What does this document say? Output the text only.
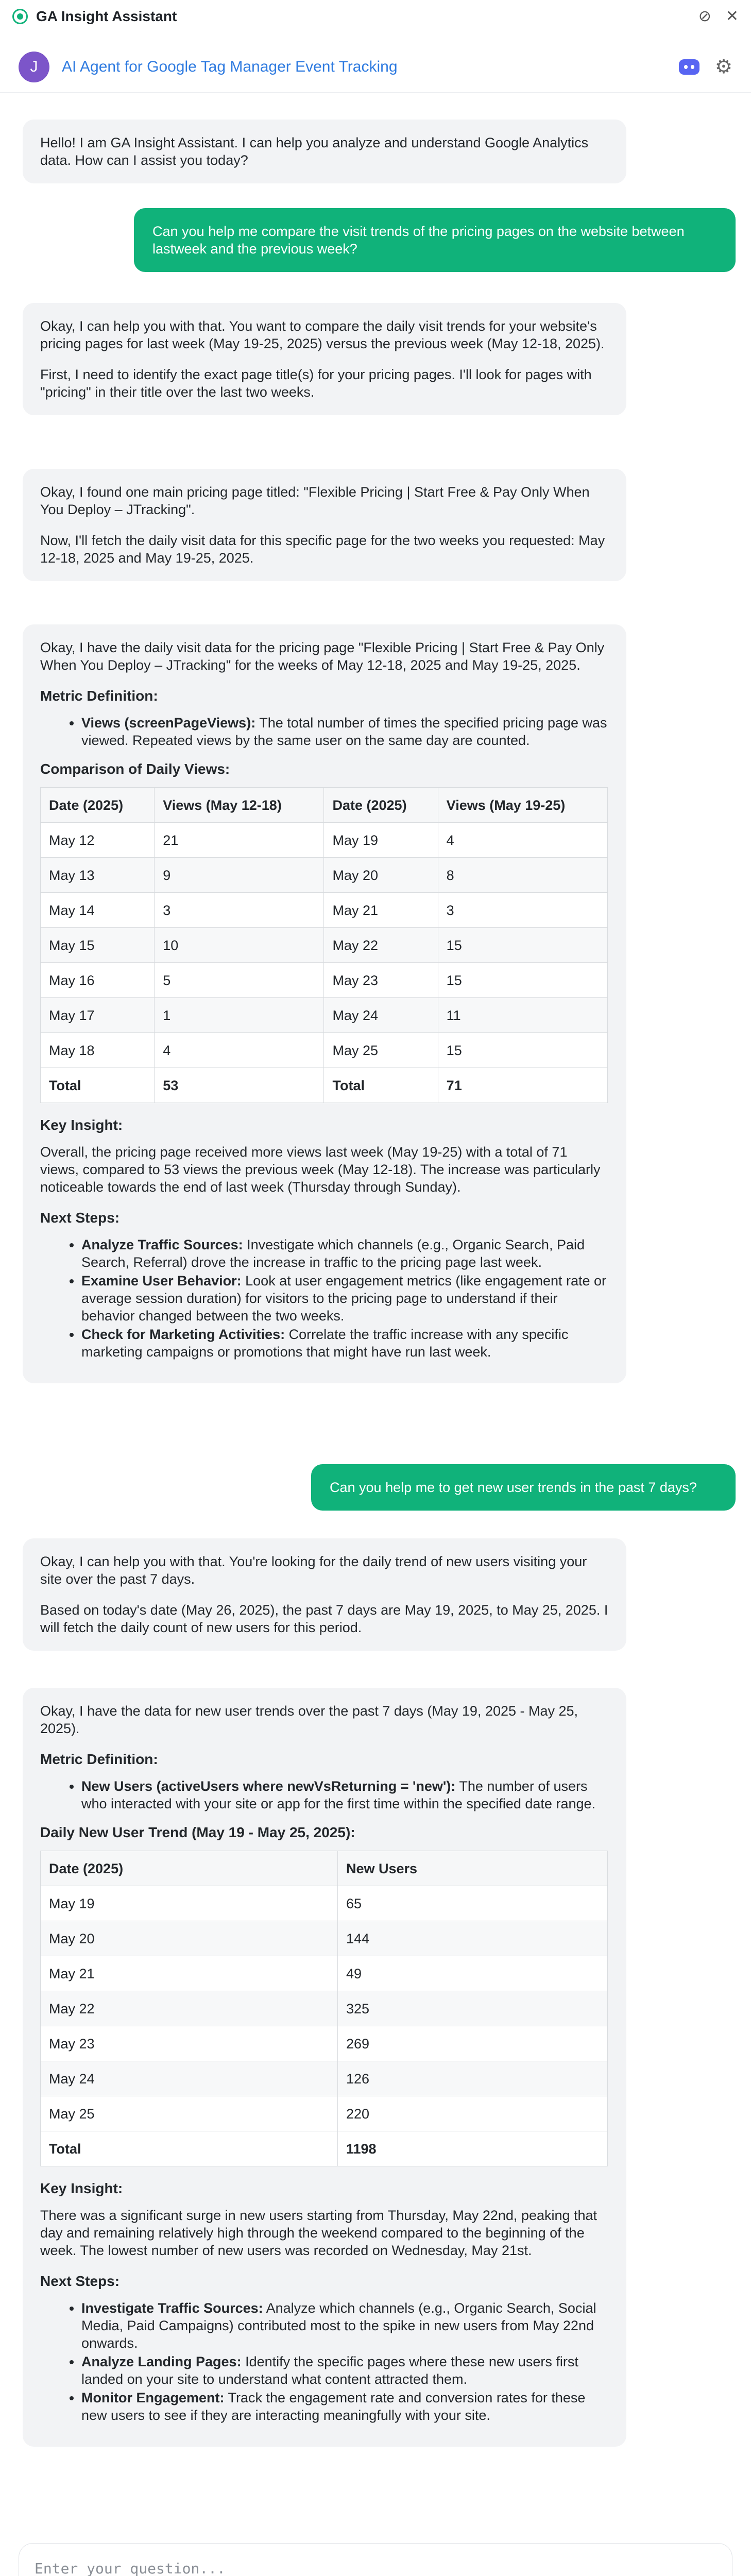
GA Insight Assistant	⊘ ✕
J	AI Agent for Google Tag Manager Event Tracking	⚙

Hello! I am GA Insight Assistant. I can help you analyze and understand Google Analytics data. How can I assist you today?

Can you help me compare the visit trends of the pricing pages on the website between lastweek and the previous week?

Okay, I can help you with that. You want to compare the daily visit trends for your website's pricing pages for last week (May 19-25, 2025) versus the previous week (May 12-18, 2025).

First, I need to identify the exact page title(s) for your pricing pages. I'll look for pages with "pricing" in their title over the last two weeks.

Okay, I found one main pricing page titled: "Flexible Pricing | Start Free & Pay Only When You Deploy – JTracking".

Now, I'll fetch the daily visit data for this specific page for the two weeks you requested: May 12-18, 2025 and May 19-25, 2025.

Okay, I have the daily visit data for the pricing page "Flexible Pricing | Start Free & Pay Only When You Deploy – JTracking" for the weeks of May 12-18, 2025 and May 19-25, 2025.

Metric Definition:
• Views (screenPageViews): The total number of times the specified pricing page was viewed. Repeated views by the same user on the same day are counted.
Comparison of Daily Views:
Date (2025)	Views (May 12-18)	Date (2025)	Views (May 19-25)
May 12	21	May 19	4
May 13	9	May 20	8
May 14	3	May 21	3
May 15	10	May 22	15
May 16	5	May 23	15
May 17	1	May 24	11
May 18	4	May 25	15
Total	53	Total	71
Key Insight:

Overall, the pricing page received more views last week (May 19-25) with a total of 71 views, compared to 53 views the previous week (May 12-18). The increase was particularly noticeable towards the end of last week (Thursday through Sunday).

Next Steps:
• Analyze Traffic Sources: Investigate which channels (e.g., Organic Search, Paid Search, Referral) drove the increase in traffic to the pricing page last week.
• Examine User Behavior: Look at user engagement metrics (like engagement rate or average session duration) for visitors to the pricing page to understand if their behavior changed between the two weeks.
• Check for Marketing Activities: Correlate the traffic increase with any specific marketing campaigns or promotions that might have run last week.

Can you help me to get new user trends in the past 7 days?

Okay, I can help you with that. You're looking for the daily trend of new users visiting your site over the past 7 days.

Based on today's date (May 26, 2025), the past 7 days are May 19, 2025, to May 25, 2025. I will fetch the daily count of new users for this period.

Okay, I have the data for new user trends over the past 7 days (May 19, 2025 - May 25, 2025).

Metric Definition:
• New Users (activeUsers where newVsReturning = 'new'): The number of users who interacted with your site or app for the first time within the specified date range.
Daily New User Trend (May 19 - May 25, 2025):
Date (2025)	New Users
May 19	65
May 20	144
May 21	49
May 22	325
May 23	269
May 24	126
May 25	220
Total	1198
Key Insight:

There was a significant surge in new users starting from Thursday, May 22nd, peaking that day and remaining relatively high through the weekend compared to the beginning of the week. The lowest number of new users was recorded on Wednesday, May 21st.

Next Steps:
• Investigate Traffic Sources: Analyze which channels (e.g., Organic Search, Social Media, Paid Campaigns) contributed most to the spike in new users from May 22nd onwards.
• Analyze Landing Pages: Identify the specific pages where these new users first landed on your site to understand what content attracted them.
• Monitor Engagement: Track the engagement rate and conversion rates for these new users to see if they are interacting meaningfully with your site.
Enter your question...
